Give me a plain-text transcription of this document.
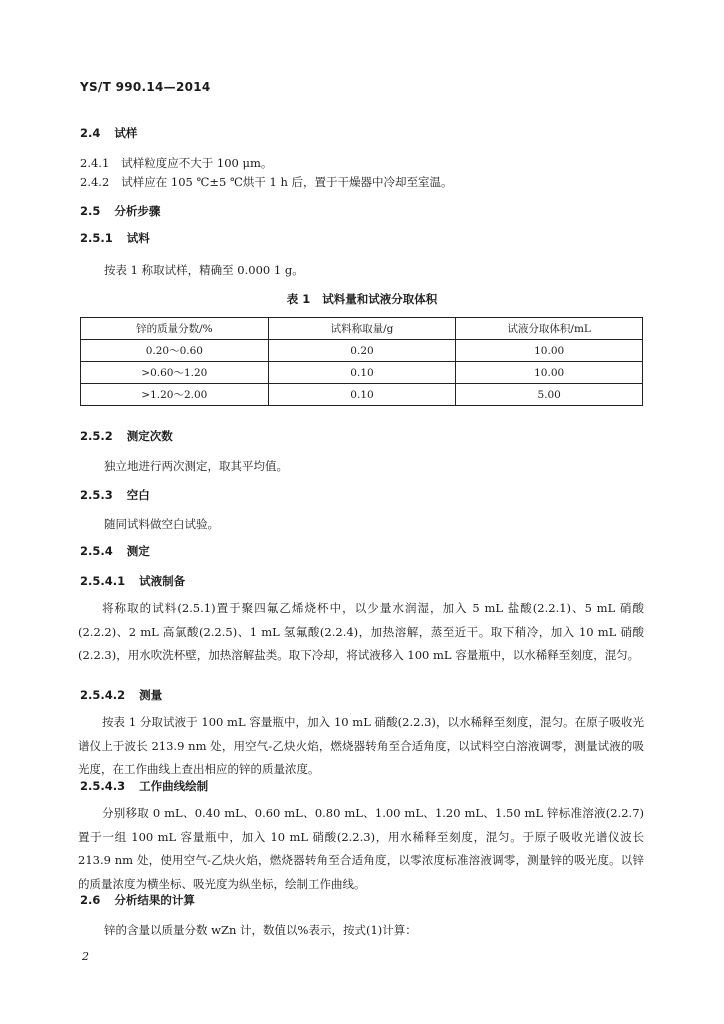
YS/T 990.14—2014
2.4 试样
2.4.1 试样粒度应不大于 100 μm。
2.4.2 试样应在 105 ℃±5 ℃烘干 1 h 后，置于干燥器中冷却至室温。
2.5 分析步骤
2.5.1 试料
按表 1 称取试样，精确至 0.000 1 g。
表 1 试料量和试液分取体积
锌的质量分数/%	试料称取量/g	试液分取体积/mL
0.20～0.60	0.20	10.00
>0.60～1.20	0.10	10.00
>1.20～2.00	0.10	5.00
2.5.2 测定次数
独立地进行两次测定，取其平均值。
2.5.3 空白
随同试料做空白试验。
2.5.4 测定
2.5.4.1 试液制备
将称取的试料(2.5.1)置于聚四氟乙烯烧杯中，以少量水润湿，加入 5 mL 盐酸(2.2.1)、5 mL 硝酸(2.2.2)、2 mL 高氯酸(2.2.5)、1 mL 氢氟酸(2.2.4)，加热溶解，蒸至近干。取下稍冷，加入 10 mL 硝酸(2.2.3)，用水吹洗杯壁，加热溶解盐类。取下冷却，将试液移入 100 mL 容量瓶中，以水稀释至刻度，混匀。
2.5.4.2 测量
按表 1 分取试液于 100 mL 容量瓶中，加入 10 mL 硝酸(2.2.3)，以水稀释至刻度，混匀。在原子吸收光谱仪上于波长 213.9 nm 处，用空气-乙炔火焰，燃烧器转角至合适角度，以试料空白溶液调零，测量试液的吸光度，在工作曲线上查出相应的锌的质量浓度。
2.5.4.3 工作曲线绘制
分别移取 0 mL、0.40 mL、0.60 mL、0.80 mL、1.00 mL、1.20 mL、1.50 mL 锌标准溶液(2.2.7)置于一组 100 mL 容量瓶中，加入 10 mL 硝酸(2.2.3)，用水稀释至刻度，混匀。于原子吸收光谱仪波长 213.9 nm 处，使用空气-乙炔火焰，燃烧器转角至合适角度，以零浓度标准溶液调零，测量锌的吸光度。以锌的质量浓度为横坐标、吸光度为纵坐标，绘制工作曲线。
2.6 分析结果的计算
锌的含量以质量分数 wZn 计，数值以%表示，按式(1)计算：
2
